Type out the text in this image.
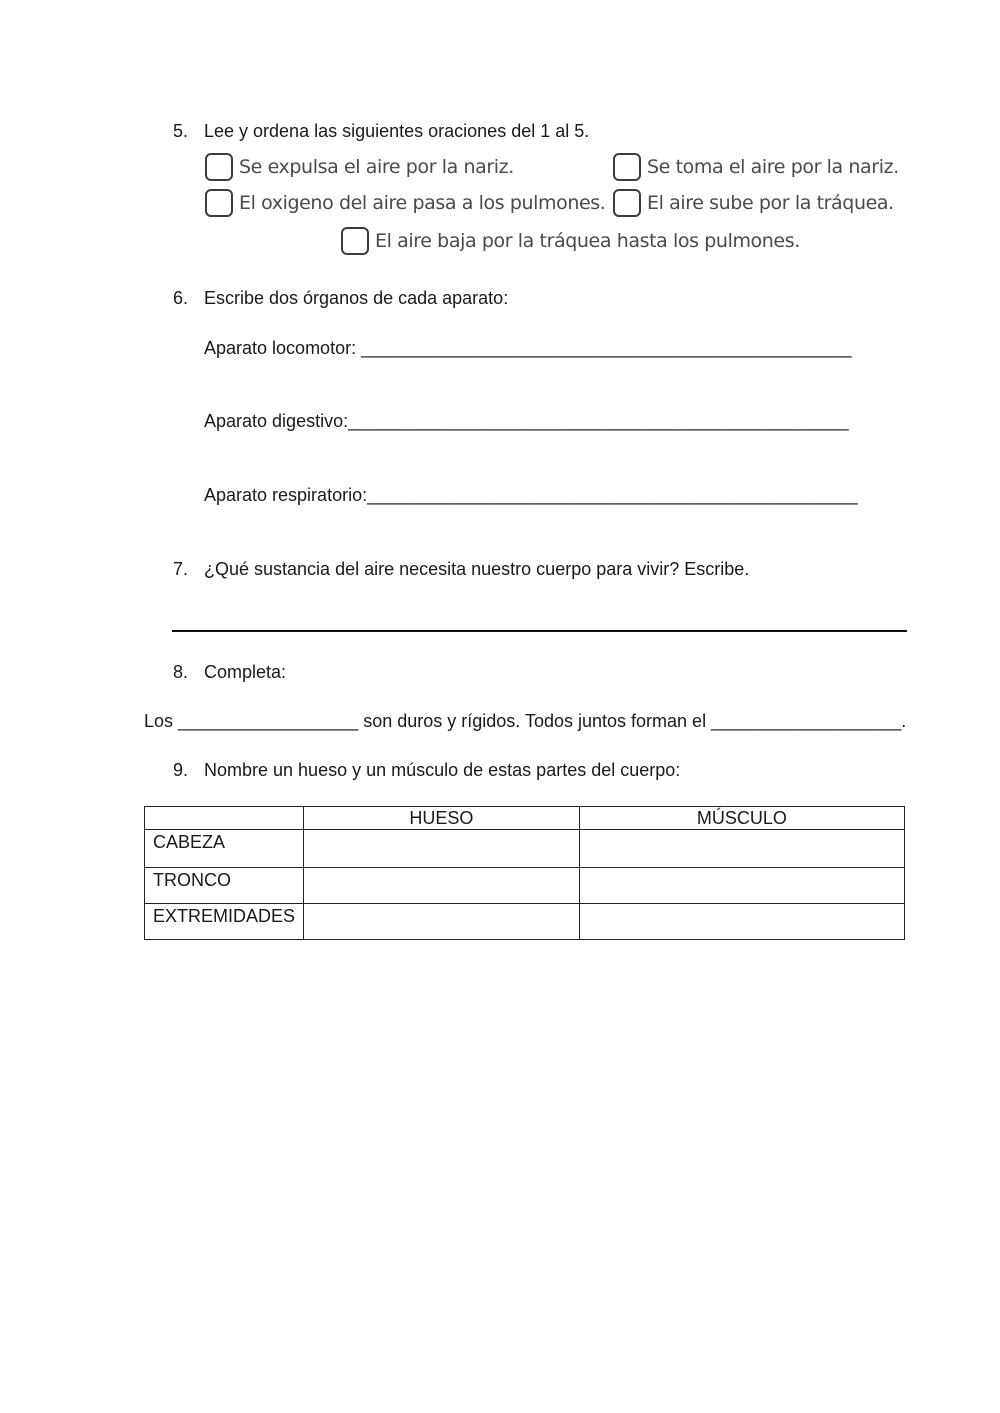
5. Lee y ordena las siguientes oraciones del 1 al 5.
Se expulsa el aire por la nariz.	Se toma el aire por la nariz.
El oxigeno del aire pasa a los pulmones. El aire sube por la tráquea.
El aire baja por la tráquea hasta los pulmones.
6. Escribe dos órganos de cada aparato:
Aparato locomotor: _________________________________________________
Aparato digestivo:__________________________________________________
Aparato respiratorio:_________________________________________________
7. ¿Qué sustancia del aire necesita nuestro cuerpo para vivir? Escribe.
8. Completa:
Los __________________ son duros y rígidos. Todos juntos forman el ___________________.
9. Nombre un hueso y un músculo de estas partes del cuerpo:
	HUESO	MÚSCULO
CABEZA		
TRONCO		
EXTREMIDADES		
